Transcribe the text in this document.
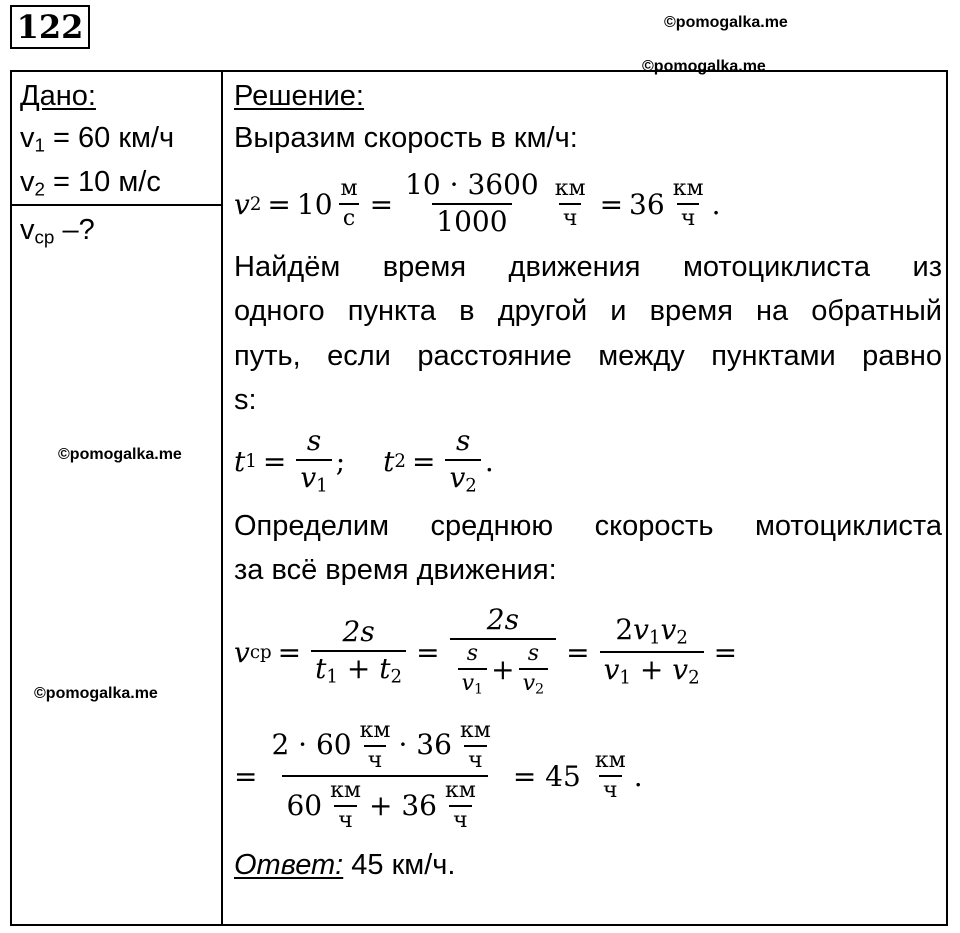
122	©pomogalka.me
©pomogalka.me
©pomogalka.me
©pomogalka.me
Дано:
$v_1 = 60$ км/ч
$v_2 = 10$ м/с
$v_{ср}$ –?
Решение:
Выразим скорость в км/ч:
v $2 = 10 \frac{м}{с} = \frac{10 \cdot 3600}{1000} \frac{км}{ч} = 36 \frac{км}{ч}$ .
Найдём время движения мотоциклиста из
одного пункта в другой и время на обратный
путь, если расстояние между пунктами равно
s:
t $1 = \frac{s}{v_1}$ ; t $2 = \frac{s}{v_2}$ .
Определим среднюю скорость мотоциклиста
за всё время движения:
v ср = $\frac{2s}{t_1 + t_2} = \frac{2s}{\frac{s}{v_1} + \frac{s}{v_2}} = \frac{2v_1v_2}{v_1 + v_2}$ =
= $\frac{2 \cdot 60 \frac{км}{ч} \cdot 36 \frac{км}{ч}}{60 \frac{км}{ч} + 36 \frac{км}{ч}} = 45 \frac{км}{ч}$ .
Ответ: 45 км/ч.
